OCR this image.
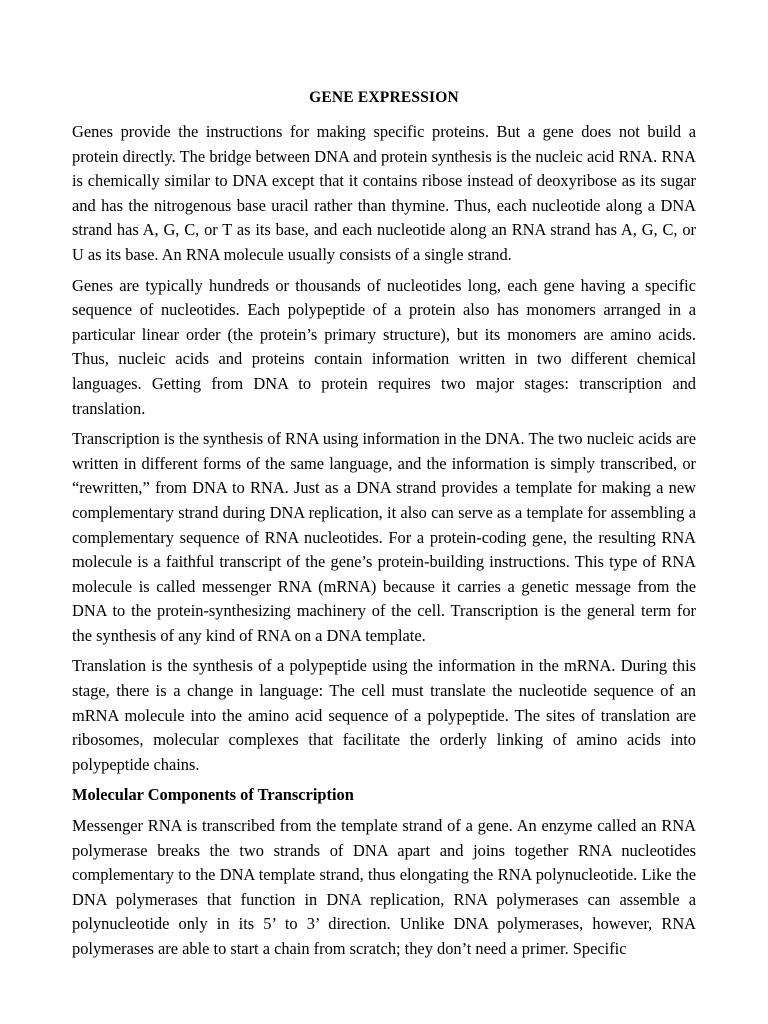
GENE EXPRESSION

Genes provide the instructions for making specific proteins. But a gene does not build a protein directly. The bridge between DNA and protein synthesis is the nucleic acid RNA. RNA is chemically similar to DNA except that it contains ribose instead of deoxyribose as its sugar and has the nitrogenous base uracil rather than thymine. Thus, each nucleotide along a DNA strand has A, G, C, or T as its base, and each nucleotide along an RNA strand has A, G, C, or U as its base. An RNA molecule usually consists of a single strand.

Genes are typically hundreds or thousands of nucleotides long, each gene having a specific sequence of nucleotides. Each polypeptide of a protein also has monomers arranged in a particular linear order (the protein’s primary structure), but its monomers are amino acids. Thus, nucleic acids and proteins contain information written in two different chemical languages. Getting from DNA to protein requires two major stages: transcription and translation.

Transcription is the synthesis of RNA using information in the DNA. The two nucleic acids are written in different forms of the same language, and the information is simply transcribed, or “rewritten,” from DNA to RNA. Just as a DNA strand provides a template for making a new complementary strand during DNA replication, it also can serve as a template for assembling a complementary sequence of RNA nucleotides. For a protein-coding gene, the resulting RNA molecule is a faithful transcript of the gene’s protein-building instructions. This type of RNA molecule is called messenger RNA (mRNA) because it carries a genetic message from the DNA to the protein-synthesizing machinery of the cell. Transcription is the general term for the synthesis of any kind of RNA on a DNA template.

Translation is the synthesis of a polypeptide using the information in the mRNA. During this stage, there is a change in language: The cell must translate the nucleotide sequence of an mRNA molecule into the amino acid sequence of a polypeptide. The sites of translation are ribosomes, molecular complexes that facilitate the orderly linking of amino acids into polypeptide chains.

Molecular Components of Transcription

Messenger RNA is transcribed from the template strand of a gene. An enzyme called an RNA polymerase breaks the two strands of DNA apart and joins together RNA nucleotides complementary to the DNA template strand, thus elongating the RNA polynucleotide. Like the DNA polymerases that function in DNA replication, RNA polymerases can assemble a polynucleotide only in its 5’ to 3’ direction. Unlike DNA polymerases, however, RNA polymerases are able to start a chain from scratch; they don’t need a primer. Specific
